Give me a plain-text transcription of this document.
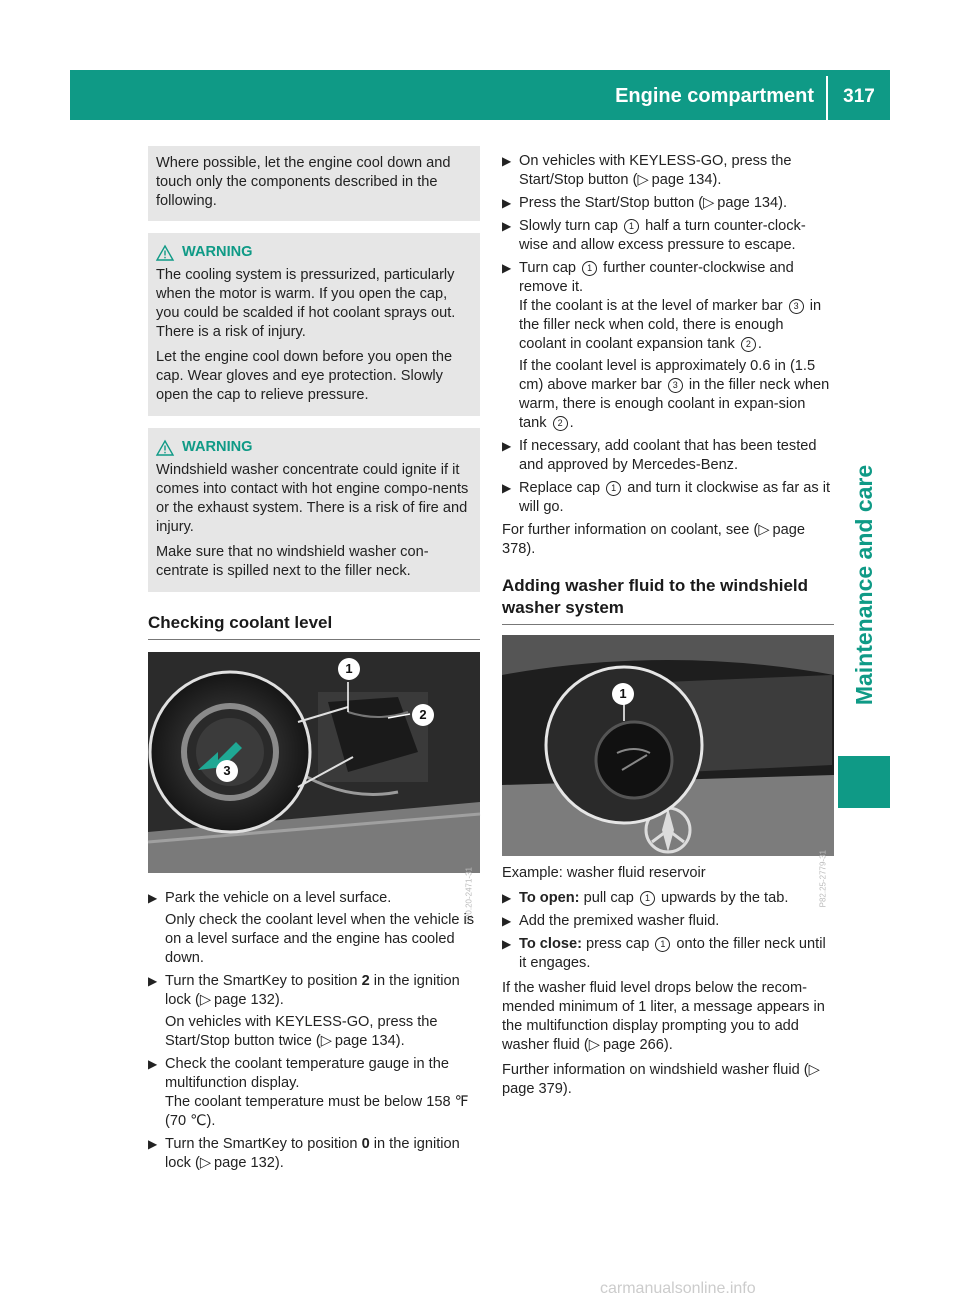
Engine compartment	317
Maintenance and care

Where possible, let the engine cool down and touch only the components described in the following.

WARNING

The cooling system is pressurized, particularly when the motor is warm. If you open the cap, you could be scalded if hot coolant sprays out. There is a risk of injury.

Let the engine cool down before you open the cap. Wear gloves and eye protection. Slowly open the cap to relieve pressure.

WARNING

Windshield washer concentrate could ignite if it comes into contact with hot engine compo-nents or the exhaust system. There is a risk of fire and injury.

Make sure that no windshield washer con-centrate is spilled next to the filler neck.

Checking coolant level
1
2
3
P20.20-2471-31
▶ Park the vehicle on a level surface.
Only check the coolant level when the vehicle is on a level surface and the engine has cooled down.
▶ Turn the SmartKey to position 2 in the ignition lock (▷  page 132).
On vehicles with KEYLESS-GO, press the Start/Stop button twice (▷  page 134).
▶ Check the coolant temperature gauge in the multifunction display.
The coolant temperature must be below 158 ℉ (70 ℃).
▶ Turn the SmartKey to position 0 in the ignition lock (▷  page 132).
▶ On vehicles with KEYLESS-GO, press the Start/Stop button (▷  page 134).
▶ Press the Start/Stop button (▷  page 134).
▶ Slowly turn cap 1 half a turn counter-clock-wise and allow excess pressure to escape.
▶ Turn cap 1 further counter-clockwise and remove it.
If the coolant is at the level of marker bar 3 in the filler neck when cold, there is enough coolant in coolant expansion tank 2 .
If the coolant level is approximately 0.6 in (1.5 cm) above marker bar 3 in the filler neck when warm, there is enough coolant in expan-sion tank 2 .
▶ If necessary, add coolant that has been tested and approved by Mercedes-Benz.
▶ Replace cap 1 and turn it clockwise as far as it will go.

For further information on coolant, see (▷  page 378).

Adding washer fluid to the windshield washer system
1
P82.25-2779-31

Example: washer fluid reservoir

▶ To open: pull cap 1 upwards by the tab.
▶ Add the premixed washer fluid.
▶ To close: press cap 1 onto the filler neck until it engages.

If the washer fluid level drops below the recom-mended minimum of 1 liter, a message appears in the multifunction display prompting you to add washer fluid (▷  page 266).

Further information on windshield washer fluid (▷ page 379).

carmanualsonline.info
